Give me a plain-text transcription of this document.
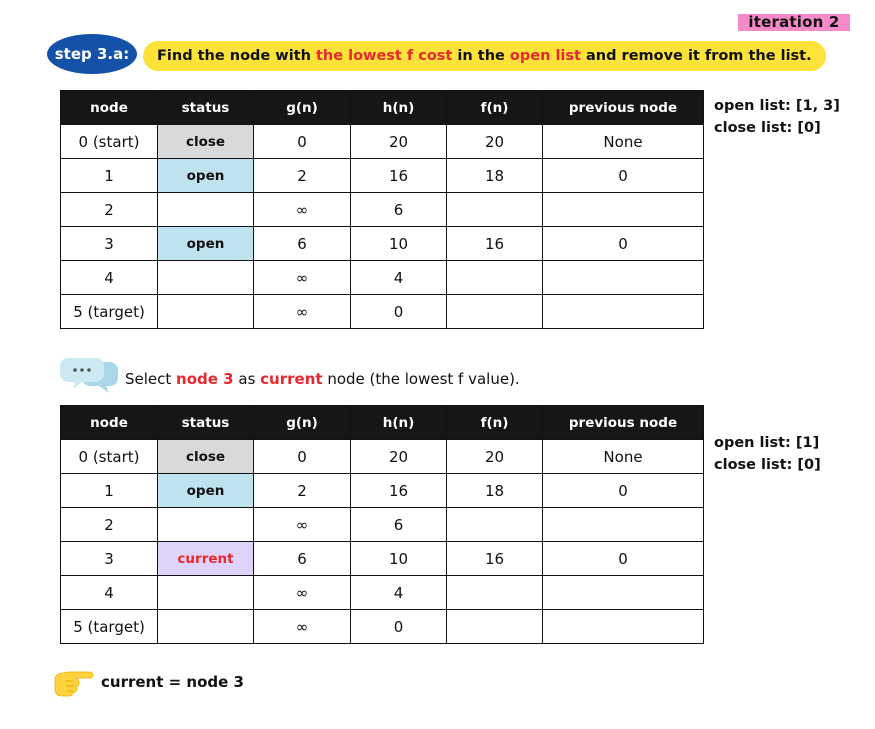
iteration 2
step 3.a:	Find the node with the lowest f cost in the open list and remove it from the list.
node	status	g(n)	h(n)	f(n)	previous node
0 (start)	close	0	20	20	None
1	open	2	16	18	0
2		∞	6		
3	open	6	10	16	0
4		∞	4		
5 (target)		∞	0		
open list: [1, 3]
close list: [0]
Select node 3 as current node (the lowest f value).
node	status	g(n)	h(n)	f(n)	previous node
0 (start)	close	0	20	20	None
1	open	2	16	18	0
2		∞	6		
3	current	6	10	16	0
4		∞	4		
5 (target)		∞	0		
open list: [1]
close list: [0]
current = node 3
